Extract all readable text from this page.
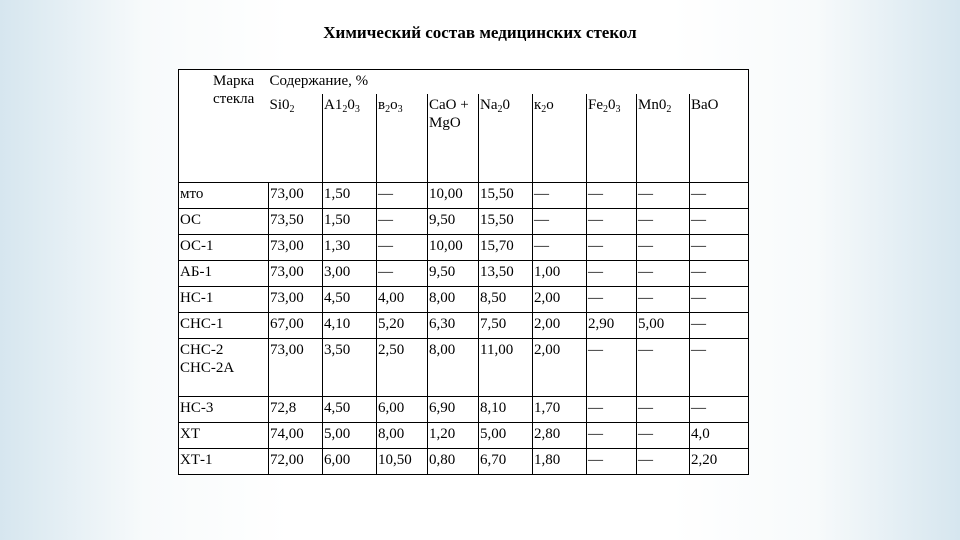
Химический состав медицинских стекол
Марка
стекла	Содержание, %								
	$Si0_2$	$A1_20_3$	$в_2о_3$	CaO + MgO	$Na_20$	$к_2о$	$Fe_20_3$	$Mn0_2$	BaO

мто	73,00	1,50	—	10,00	15,50	—	—	—	—

ОС	73,50	1,50	—	9,50	15,50	—	—	—	—

ОС-1	73,00	1,30	—	10,00	15,70	—	—	—	—

АБ-1	73,00	3,00	—	9,50	13,50	1,00	—	—	—

НС-1	73,00	4,50	4,00	8,00	8,50	2,00	—	—	—

СНС-1	67,00	4,10	5,20	6,30	7,50	2,00	2,90	5,00	—

СНС-2
СНС-2А	73,00	3,50	2,50	8,00	11,00	2,00	—	—	—

НС-3	72,8	4,50	6,00	6,90	8,10	1,70	—	—	—

ХТ	74,00	5,00	8,00	1,20	5,00	2,80	—	—	4,0

ХТ-1	72,00	6,00	10,50	0,80	6,70	1,80	—	—	2,20
